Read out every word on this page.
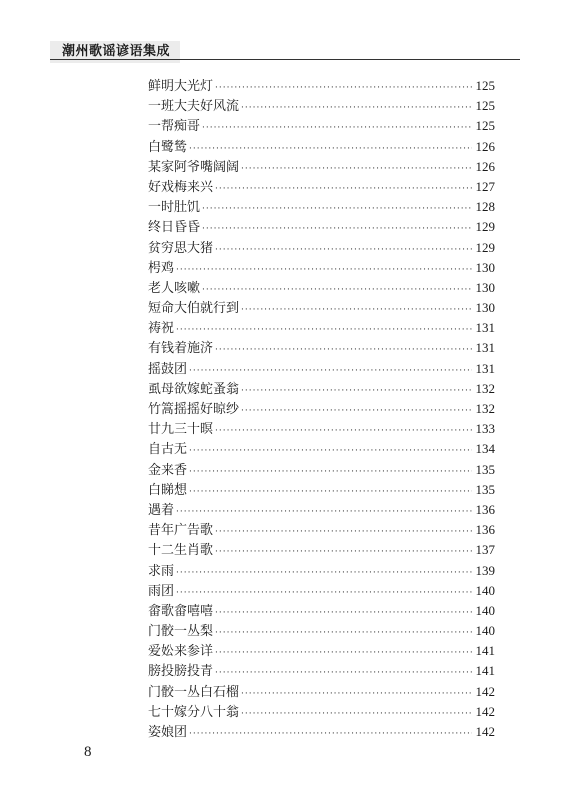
潮州歌谣谚语集成
鲜明大光灯 ·····	125
一班大夫好风流 ·····	125
一帮痴哥 ·····	125
白鹭鸶 ·····	126
某家阿爷嘴阔阔 ·····	126
好戏梅来兴 ·····	127
一时肚饥 ·····	128
终日昏昏 ·····	129
贫穷思大猪 ·····	129
枵鸡 ·····	130
老人咳嗽 ·····	130
短命大伯就行到 ·····	130
祷祝 ·····	131
有钱着施济 ·····	131
摇鼓团 ·····	131
虱母欲嫁蛇蚤翁 ·····	132
竹篙摇摇好晾纱 ·····	132
廿九三十暝 ·····	133
自古无 ·····	134
金来香 ·····	135
白睇想 ·····	135
遇着 ·····	136
昔年广告歌 ·····	136
十二生肖歌 ·····	137
求雨 ·····	139
雨团 ·····	140
畲歌畲嘻嘻 ·····	140
门骹一丛梨 ·····	140
爱妐来参详 ·····	141
膀投膀投青 ·····	141
门骹一丛白石榴 ·····	142
七十嫁分八十翁 ·····	142
姿娘团 ·····	142
8
